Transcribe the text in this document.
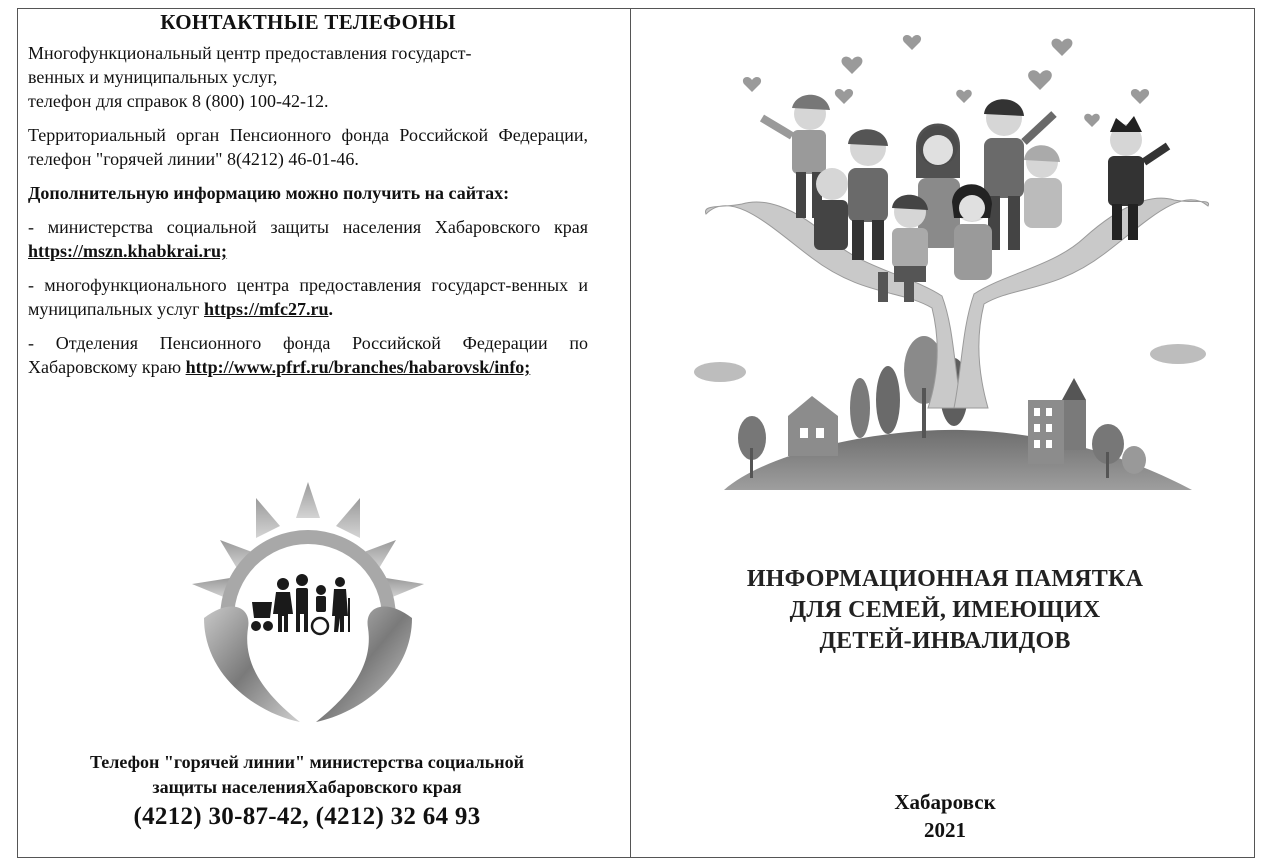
КОНТАКТНЫЕ ТЕЛЕФОНЫ

Многофункциональный центр предоставления государст-
венных и муниципальных услуг,
телефон для справок 8 (800) 100-42-12.

Территориальный орган Пенсионного фонда Российской Федерации, телефон "горячей линии" 8(4212) 46-01-46.

Дополнительную информацию можно получить на сайтах:

- министерства социальной защиты населения Хабаровского края https://mszn.khabkrai.ru;

- многофункционального центра предоставления государст-венных и муниципальных услуг https://mfc27.ru.

- Отделения Пенсионного фонда Российской Федерации по Хабаровскому краю http://www.pfrf.ru/branches/habarovsk/info;

Телефон "горячей линии" министерства социальной
защиты населенияХабаровского края
(4212) 30-87-42, (4212) 32 64 93
ИНФОРМАЦИОННАЯ ПАМЯТКА
ДЛЯ СЕМЕЙ, ИМЕЮЩИХ
ДЕТЕЙ-ИНВАЛИДОВ
Хабаровск
2021
